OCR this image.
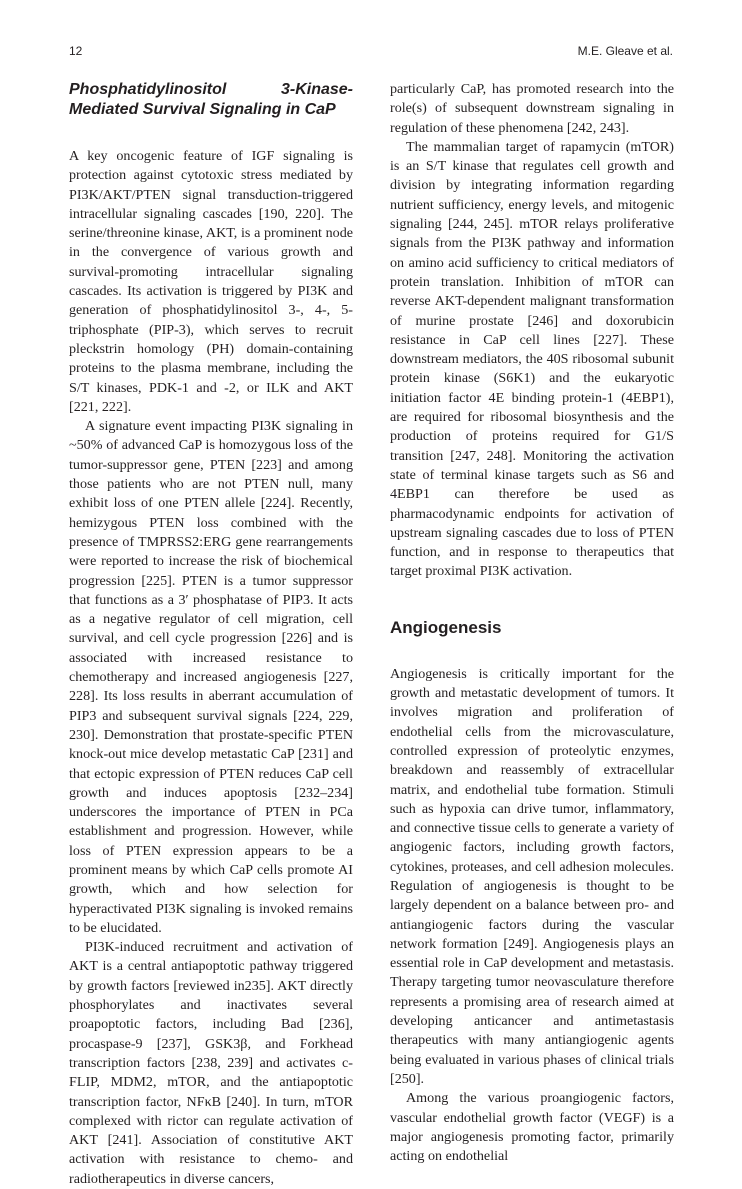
12	M.E. Gleave et al.
Phosphatidylinositol 3-Kinase-Mediated Survival Signaling in CaP

A key oncogenic feature of IGF signaling is protection against cytotoxic stress mediated by PI3K/AKT/PTEN signal transduction-triggered intracellular signaling cascades [190, 220]. The serine/threonine kinase, AKT, is a prominent node in the convergence of various growth and survival-promoting intracellular signaling cascades. Its activation is triggered by PI3K and generation of phosphatidylinositol 3-, 4-, 5-triphosphate (PIP-3), which serves to recruit pleckstrin homology (PH) domain-containing proteins to the plasma membrane, including the S/T kinases, PDK-1 and -2, or ILK and AKT [221, 222].

A signature event impacting PI3K signaling in ~50% of advanced CaP is homozygous loss of the tumor-suppressor gene, PTEN [223] and among those patients who are not PTEN null, many exhibit loss of one PTEN allele [224]. Recently, hemizygous PTEN loss combined with the presence of TMPRSS2:ERG gene rearrangements were reported to increase the risk of biochemical progression [225]. PTEN is a tumor suppressor that functions as a 3′ phosphatase of PIP3. It acts as a negative regulator of cell migration, cell survival, and cell cycle progression [226] and is associated with increased resistance to chemotherapy and increased angiogenesis [227, 228]. Its loss results in aberrant accumulation of PIP3 and subsequent survival signals [224, 229, 230]. Demonstration that prostate-specific PTEN knock-out mice develop metastatic CaP [231] and that ectopic expression of PTEN reduces CaP cell growth and induces apoptosis [232–234] underscores the importance of PTEN in PCa establishment and progression. However, while loss of PTEN expression appears to be a prominent means by which CaP cells promote AI growth, which and how selection for hyperactivated PI3K signaling is invoked remains to be elucidated.

PI3K-induced recruitment and activation of AKT is a central antiapoptotic pathway triggered by growth factors [reviewed in235]. AKT directly phosphorylates and inactivates several proapoptotic factors, including Bad [236], procaspase-9 [237], GSK3β, and Forkhead transcription factors [238, 239] and activates c-FLIP, MDM2, mTOR, and the antiapoptotic transcription factor, NFκB [240]. In turn, mTOR complexed with rictor can regulate activation of AKT [241]. Association of constitutive AKT activation with resistance to chemo- and radiotherapeutics in diverse cancers,

particularly CaP, has promoted research into the role(s) of subsequent downstream signaling in regulation of these phenomena [242, 243].

The mammalian target of rapamycin (mTOR) is an S/T kinase that regulates cell growth and division by integrating information regarding nutrient sufficiency, energy levels, and mitogenic signaling [244, 245]. mTOR relays proliferative signals from the PI3K pathway and information on amino acid sufficiency to critical mediators of protein translation. Inhibition of mTOR can reverse AKT-dependent malignant transformation of murine prostate [246] and doxorubicin resistance in CaP cell lines [227]. These downstream mediators, the 40S ribosomal subunit protein kinase (S6K1) and the eukaryotic initiation factor 4E binding protein-1 (4EBP1), are required for ribosomal biosynthesis and the production of proteins required for G1/S transition [247, 248]. Monitoring the activation state of terminal kinase targets such as S6 and 4EBP1 can therefore be used as pharmacodynamic endpoints for activation of upstream signaling cascades due to loss of PTEN function, and in response to therapeutics that target proximal PI3K activation.

Angiogenesis

Angiogenesis is critically important for the growth and metastatic development of tumors. It involves migration and proliferation of endothelial cells from the microvasculature, controlled expression of proteolytic enzymes, breakdown and reassembly of extracellular matrix, and endothelial tube formation. Stimuli such as hypoxia can drive tumor, inflammatory, and connective tissue cells to generate a variety of angiogenic factors, including growth factors, cytokines, proteases, and cell adhesion molecules. Regulation of angiogenesis is thought to be largely dependent on a balance between pro- and antiangiogenic factors during the vascular network formation [249]. Angiogenesis plays an essential role in CaP development and metastasis. Therapy targeting tumor neovasculature therefore represents a promising area of research aimed at developing anticancer and antimetastasis therapeutics with many antiangiogenic agents being evaluated in various phases of clinical trials [250].

Among the various proangiogenic factors, vascular endothelial growth factor (VEGF) is a major angiogenesis promoting factor, primarily acting on endothelial
